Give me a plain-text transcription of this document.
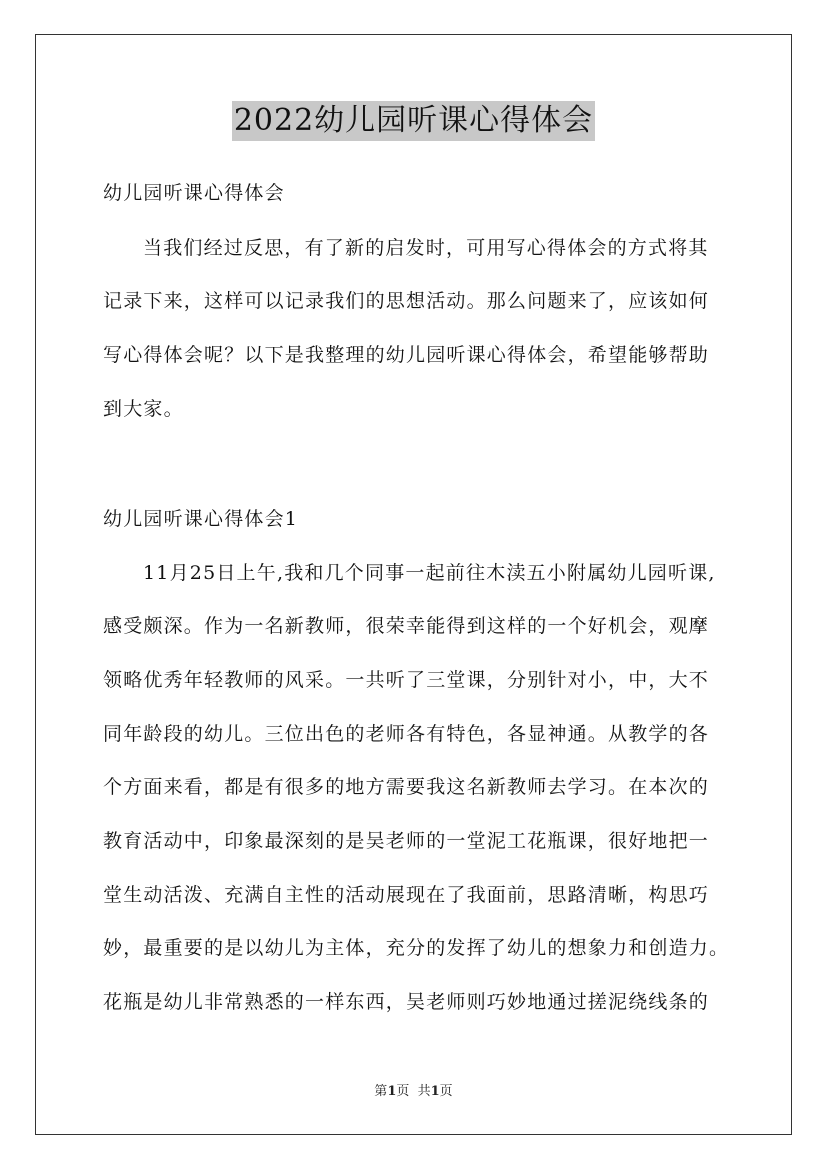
2022幼儿园听课心得体会
幼儿园听课心得体会
当我们经过反思，有了新的启发时，可用写心得体会的方式将其
记录下来，这样可以记录我们的思想活动。那么问题来了，应该如何
写心得体会呢？以下是我整理的幼儿园听课心得体会，希望能够帮助
到大家。
幼儿园听课心得体会1
11月25日上午,我和几个同事一起前往木渎五小附属幼儿园听课,
感受颇深。作为一名新教师，很荣幸能得到这样的一个好机会，观摩
领略优秀年轻教师的风采。一共听了三堂课，分别针对小，中，大不
同年龄段的幼儿。三位出色的老师各有特色，各显神通。从教学的各
个方面来看，都是有很多的地方需要我这名新教师去学习。在本次的
教育活动中，印象最深刻的是吴老师的一堂泥工花瓶课，很好地把一
堂生动活泼、充满自主性的活动展现在了我面前，思路清晰，构思巧
妙，最重要的是以幼儿为主体，充分的发挥了幼儿的想象力和创造力。
花瓶是幼儿非常熟悉的一样东西，吴老师则巧妙地通过搓泥绕线条的
第1页  共1页
